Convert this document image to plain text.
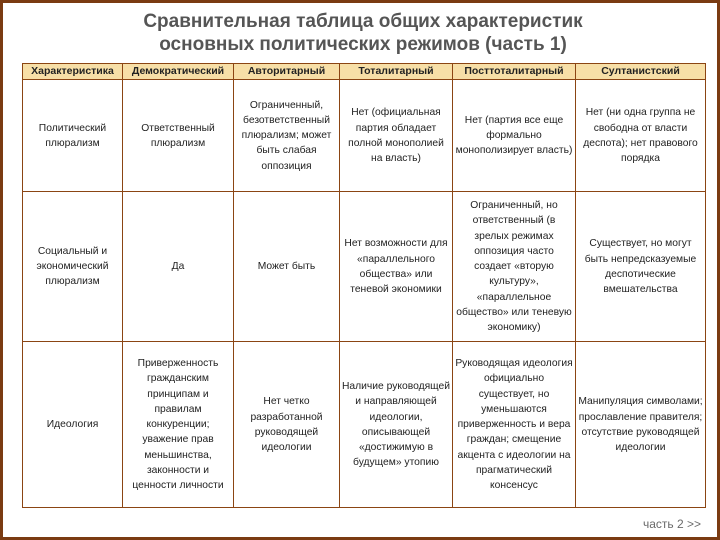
Сравнительная таблица общих характеристик
основных политических режимов (часть 1)
Характеристика	Демократический	Авторитарный	Тоталитарный	Посттоталитарный	Султанистский
Политический плюрализм	Ответственный плюрализм	Ограниченный, безответственный плюрализм; может быть слабая оппозиция	Нет (официальная партия обладает полной монополией на власть)	Нет (партия все еще формально монополизирует власть)	Нет (ни одна группа не свободна от власти деспота); нет правового порядка
Социальный и экономический плюрализм	Да	Может быть	Нет возможности для «параллельного общества» или теневой экономики	Ограниченный, но ответственный (в зрелых режимах оппозиция часто создает «вторую культуру», «параллельное общество» или теневую экономику)	Существует, но могут быть непредсказуемые деспотические вмешательства
Идеология	Приверженность гражданским принципам и правилам конкуренции; уважение прав меньшинства, законности и ценности личности	Нет четко разработанной руководящей идеологии	Наличие руководящей и направляющей идеологии, описывающей «достижимую в будущем» утопию	Руководящая идеология официально существует, но уменьшаются приверженность и вера граждан; смещение акцента с идеологии на прагматический консенсус	Манипуляция символами; прославление правителя; отсутствие руководящей идеологии
часть 2 >>
